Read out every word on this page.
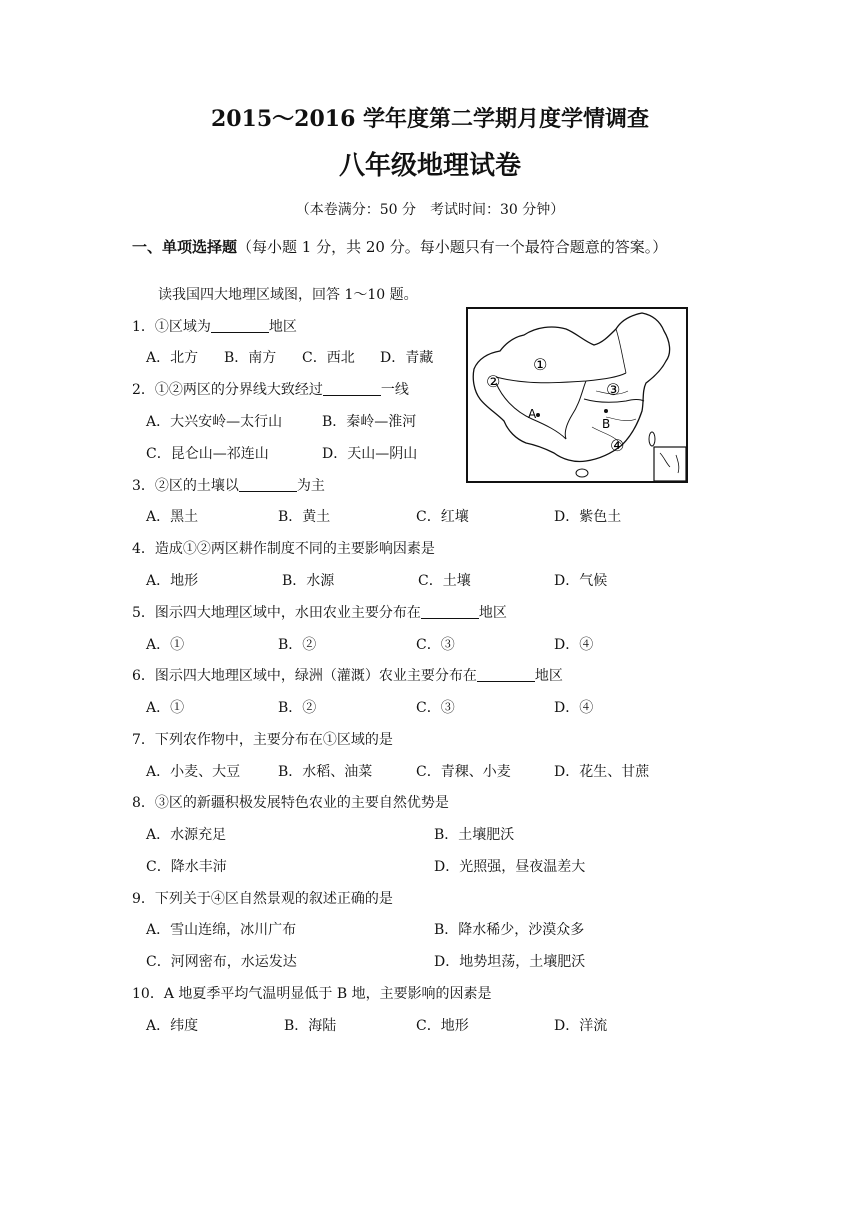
2015～2016 学年度第二学期月度学情调查
八年级地理试卷
（本卷满分：50 分　考试时间：30 分钟）
一、单项选择题（每小题 1 分，共 20 分。每小题只有一个最符合题意的答案。）
读我国四大地理区域图，回答 1～10 题。
①
②	③
④
A
B
1．①区域为	地区
A．北方 B．南方 C．西北 D．青藏
2．①②两区的分界线大致经过	一线
A．大兴安岭—太行山	B．秦岭—淮河
C．昆仑山—祁连山	D．天山—阴山
3．②区的土壤以	为主
A．黑土	B．黄土	C．红壤	D．紫色土
4．造成①②两区耕作制度不同的主要影响因素是
A．地形	B．水源	C．土壤	D．气候
5．图示四大地理区域中，水田农业主要分布在	地区
A．①	B．②	C．③	D．④
6．图示四大地理区域中，绿洲（灌溉）农业主要分布在	地区
A．①	B．②	C．③	D．④
7．下列农作物中，主要分布在①区域的是
A．小麦、大豆	B．水稻、油菜	C．青稞、小麦	D．花生、甘蔗
8．③区的新疆积极发展特色农业的主要自然优势是
A．水源充足	B．土壤肥沃
C．降水丰沛	D．光照强，昼夜温差大
9．下列关于④区自然景观的叙述正确的是
A．雪山连绵，冰川广布	B．降水稀少，沙漠众多
C．河网密布，水运发达	D．地势坦荡，土壤肥沃
10．A 地夏季平均气温明显低于 B 地，主要影响的因素是
A．纬度	B．海陆	C．地形	D．洋流
